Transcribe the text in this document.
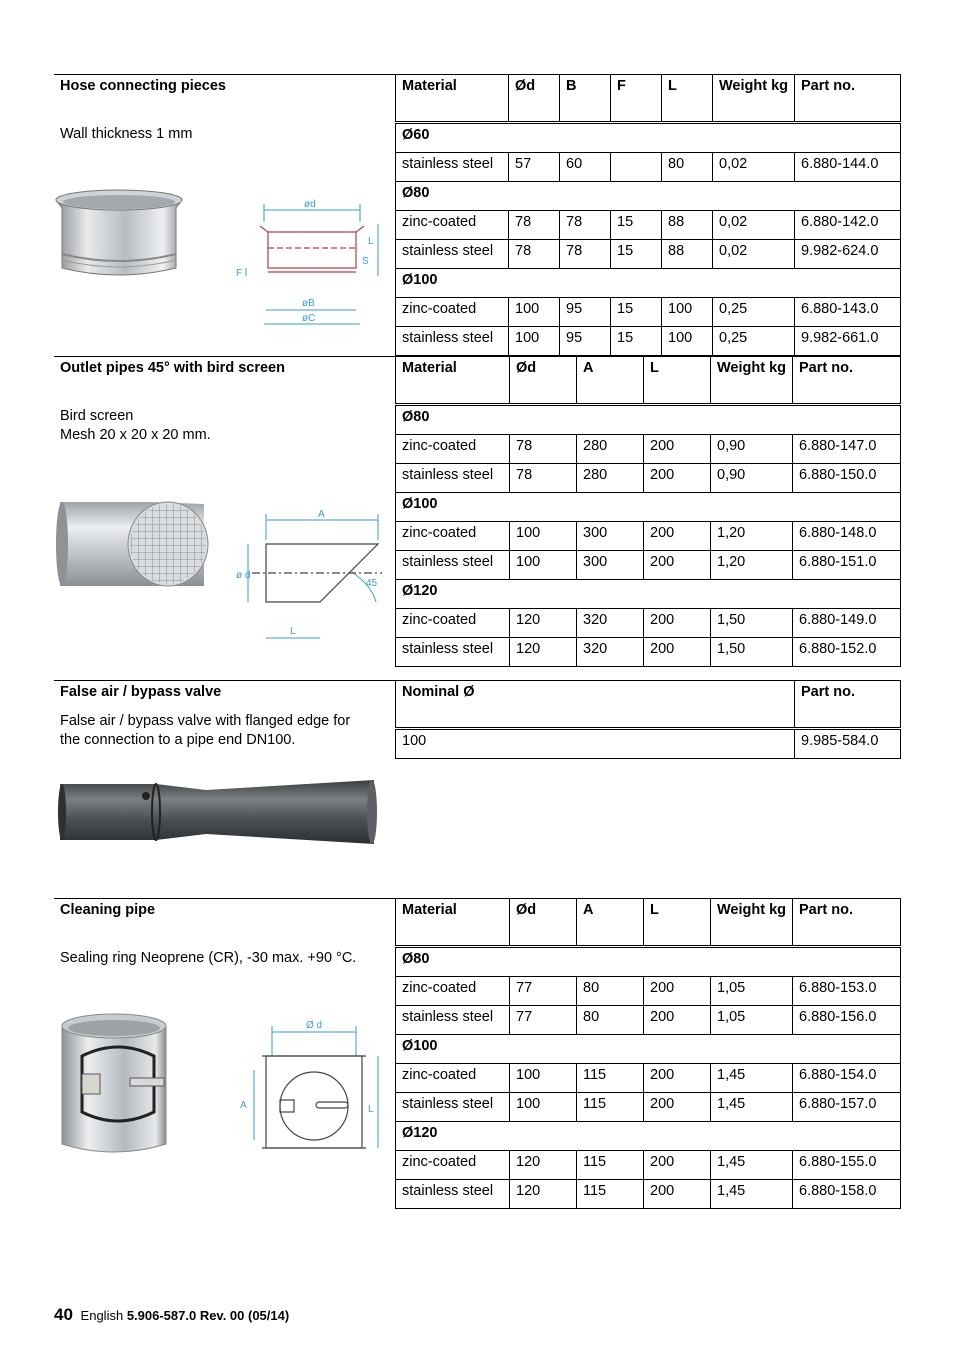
Hose connecting pieces
Wall thickness 1 mm
ød
L
S
F
øB
øC
Material	Ød	B	F	L	Weight kg	Part no.
Ø60						
stainless steel	57	60		80	0,02	6.880-144.0
Ø80						
zinc-coated	78	78	15	88	0,02	6.880-142.0
stainless steel	78	78	15	88	0,02	9.982-624.0
Ø100						
zinc-coated	100	95	15	100	0,25	6.880-143.0
stainless steel	100	95	15	100	0,25	9.982-661.0
Outlet pipes 45° with bird screen
Bird screen
Mesh 20 x 20 x 20 mm.
A
ø d
45
L
Material	Ød	A	L	Weight kg	Part no.
Ø80					
zinc-coated	78	280	200	0,90	6.880-147.0
stainless steel	78	280	200	0,90	6.880-150.0
Ø100					
zinc-coated	100	300	200	1,20	6.880-148.0
stainless steel	100	300	200	1,20	6.880-151.0
Ø120					
zinc-coated	120	320	200	1,50	6.880-149.0
stainless steel	120	320	200	1,50	6.880-152.0
False air / bypass valve
False air / bypass valve with flanged edge for
the connection to a pipe end DN100.
Nominal Ø	Part no.
100	9.985-584.0
Cleaning pipe
Sealing ring Neoprene (CR), -30 max. +90 °C.
Ø d
A	L
Material	Ød	A	L	Weight kg	Part no.
Ø80					
zinc-coated	77	80	200	1,05	6.880-153.0
stainless steel	77	80	200	1,05	6.880-156.0
Ø100					
zinc-coated	100	115	200	1,45	6.880-154.0
stainless steel	100	115	200	1,45	6.880-157.0
Ø120					
zinc-coated	120	115	200	1,45	6.880-155.0
stainless steel	120	115	200	1,45	6.880-158.0
40 English 5.906-587.0 Rev. 00 (05/14)
